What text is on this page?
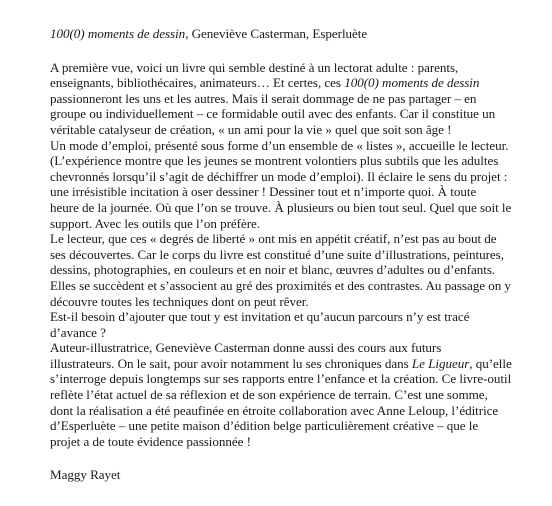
100(0) moments de dessin, Geneviève Casterman, Esperluète
A première vue, voici un livre qui semble destiné à un lectorat adulte : parents,
enseignants, bibliothécaires, animateurs… Et certes, ces 100(0) moments de dessin
passionneront les uns et les autres. Mais il serait dommage de ne pas partager – en
groupe ou individuellement – ce formidable outil avec des enfants. Car il constitue un
véritable catalyseur de création, « un ami pour la vie » quel que soit son âge !
Un mode d’emploi, présenté sous forme d’un ensemble de « listes », accueille le lecteur.
(L’expérience montre que les jeunes se montrent volontiers plus subtils que les adultes
chevronnés lorsqu’il s’agit de déchiffrer un mode d’emploi). Il éclaire le sens du projet :
une irrésistible incitation à oser dessiner ! Dessiner tout et n’importe quoi. À toute
heure de la journée. Où que l’on se trouve. À plusieurs ou bien tout seul. Quel que soit le
support. Avec les outils que l’on préfère.
Le lecteur, que ces « degrés de liberté » ont mis en appétit créatif, n’est pas au bout de
ses découvertes. Car le corps du livre est constitué d’une suite d’illustrations, peintures,
dessins, photographies, en couleurs et en noir et blanc, œuvres d’adultes ou d’enfants.
Elles se succèdent et s’associent au gré des proximités et des contrastes. Au passage on y
découvre toutes les techniques dont on peut rêver.
Est-il besoin d’ajouter que tout y est invitation et qu’aucun parcours n’y est tracé
d’avance ?
Auteur-illustratrice, Geneviève Casterman donne aussi des cours aux futurs
illustrateurs. On le sait, pour avoir notamment lu ses chroniques dans Le Ligueur, qu’elle
s’interroge depuis longtemps sur ses rapports entre l’enfance et la création. Ce livre-outil
reflète l’état actuel de sa réflexion et de son expérience de terrain. C’est une somme,
dont la réalisation a été peaufinée en étroite collaboration avec Anne Leloup, l’éditrice
d’Esperluète – une petite maison d’édition belge particulièrement créative – que le
projet a de toute évidence passionnée !
Maggy Rayet
